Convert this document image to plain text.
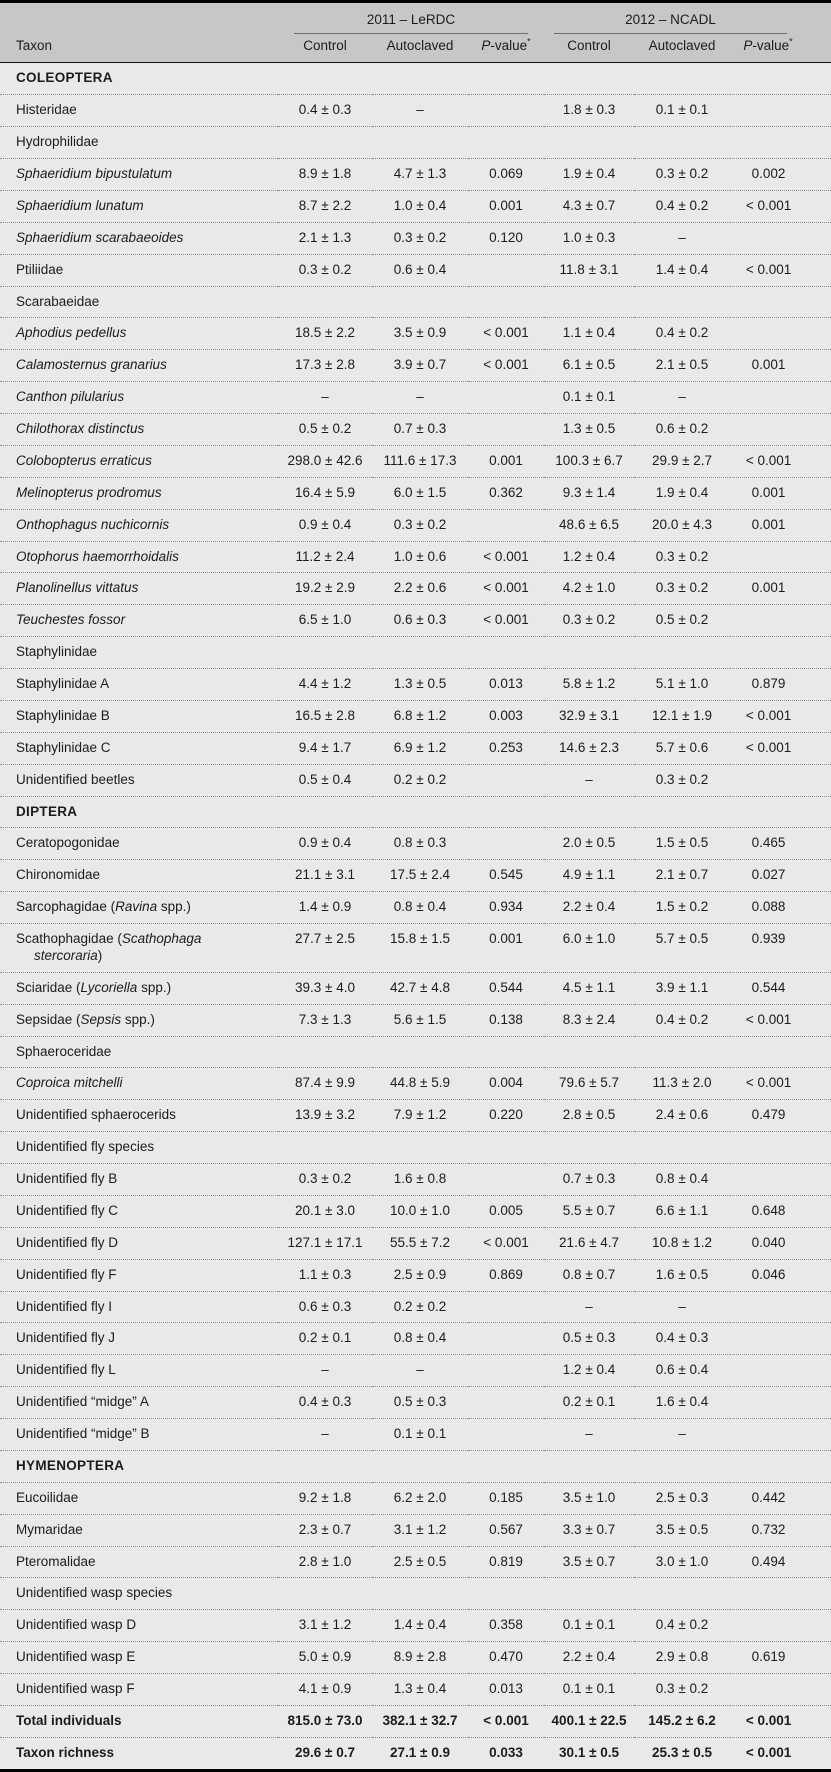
	2011 – LeRDC			2012 – NCADL		

Taxon	Control	Autoclaved	P-value*	Control	Autoclaved	P-value*

COLEOPTERA						

Histeridae	0.4 ± 0.3	–		1.8 ± 0.3	0.1 ± 0.1	

Hydrophilidae						

Sphaeridium bipustulatum	8.9 ± 1.8	4.7 ± 1.3	0.069	1.9 ± 0.4	0.3 ± 0.2	0.002

Sphaeridium lunatum	8.7 ± 2.2	1.0 ± 0.4	0.001	4.3 ± 0.7	0.4 ± 0.2	< 0.001

Sphaeridium scarabaeoides	2.1 ± 1.3	0.3 ± 0.2	0.120	1.0 ± 0.3	–	

Ptiliidae	0.3 ± 0.2	0.6 ± 0.4		11.8 ± 3.1	1.4 ± 0.4	< 0.001

Scarabaeidae						

Aphodius pedellus	18.5 ± 2.2	3.5 ± 0.9	< 0.001	1.1 ± 0.4	0.4 ± 0.2	

Calamosternus granarius	17.3 ± 2.8	3.9 ± 0.7	< 0.001	6.1 ± 0.5	2.1 ± 0.5	0.001

Canthon pilularius	–	–		0.1 ± 0.1	–	

Chilothorax distinctus	0.5 ± 0.2	0.7 ± 0.3		1.3 ± 0.5	0.6 ± 0.2	

Colobopterus erraticus	298.0 ± 42.6	111.6 ± 17.3	0.001	100.3 ± 6.7	29.9 ± 2.7	< 0.001

Melinopterus prodromus	16.4 ± 5.9	6.0 ± 1.5	0.362	9.3 ± 1.4	1.9 ± 0.4	0.001

Onthophagus nuchicornis	0.9 ± 0.4	0.3 ± 0.2		48.6 ± 6.5	20.0 ± 4.3	0.001

Otophorus haemorrhoidalis	11.2 ± 2.4	1.0 ± 0.6	< 0.001	1.2 ± 0.4	0.3 ± 0.2	

Planolinellus vittatus	19.2 ± 2.9	2.2 ± 0.6	< 0.001	4.2 ± 1.0	0.3 ± 0.2	0.001

Teuchestes fossor	6.5 ± 1.0	0.6 ± 0.3	< 0.001	0.3 ± 0.2	0.5 ± 0.2	

Staphylinidae						

Staphylinidae A	4.4 ± 1.2	1.3 ± 0.5	0.013	5.8 ± 1.2	5.1 ± 1.0	0.879

Staphylinidae B	16.5 ± 2.8	6.8 ± 1.2	0.003	32.9 ± 3.1	12.1 ± 1.9	< 0.001

Staphylinidae C	9.4 ± 1.7	6.9 ± 1.2	0.253	14.6 ± 2.3	5.7 ± 0.6	< 0.001

Unidentified beetles	0.5 ± 0.4	0.2 ± 0.2		–	0.3 ± 0.2	

DIPTERA						

Ceratopogonidae	0.9 ± 0.4	0.8 ± 0.3		2.0 ± 0.5	1.5 ± 0.5	0.465

Chironomidae	21.1 ± 3.1	17.5 ± 2.4	0.545	4.9 ± 1.1	2.1 ± 0.7	0.027

Sarcophagidae (Ravina spp.)	1.4 ± 0.9	0.8 ± 0.4	0.934	2.2 ± 0.4	1.5 ± 0.2	0.088

Scathophagidae (Scathophaga stercoraria)	27.7 ± 2.5	15.8 ± 1.5	0.001	6.0 ± 1.0	5.7 ± 0.5	0.939

Sciaridae (Lycoriella spp.)	39.3 ± 4.0	42.7 ± 4.8	0.544	4.5 ± 1.1	3.9 ± 1.1	0.544

Sepsidae (Sepsis spp.)	7.3 ± 1.3	5.6 ± 1.5	0.138	8.3 ± 2.4	0.4 ± 0.2	< 0.001

Sphaeroceridae						

Coproica mitchelli	87.4 ± 9.9	44.8 ± 5.9	0.004	79.6 ± 5.7	11.3 ± 2.0	< 0.001

Unidentified sphaerocerids	13.9 ± 3.2	7.9 ± 1.2	0.220	2.8 ± 0.5	2.4 ± 0.6	0.479

Unidentified fly species						

Unidentified fly B	0.3 ± 0.2	1.6 ± 0.8		0.7 ± 0.3	0.8 ± 0.4	

Unidentified fly C	20.1 ± 3.0	10.0 ± 1.0	0.005	5.5 ± 0.7	6.6 ± 1.1	0.648

Unidentified fly D	127.1 ± 17.1	55.5 ± 7.2	< 0.001	21.6 ± 4.7	10.8 ± 1.2	0.040

Unidentified fly F	1.1 ± 0.3	2.5 ± 0.9	0.869	0.8 ± 0.7	1.6 ± 0.5	0.046

Unidentified fly I	0.6 ± 0.3	0.2 ± 0.2		–	–	

Unidentified fly J	0.2 ± 0.1	0.8 ± 0.4		0.5 ± 0.3	0.4 ± 0.3	

Unidentified fly L	–	–		1.2 ± 0.4	0.6 ± 0.4	

Unidentified “midge” A	0.4 ± 0.3	0.5 ± 0.3		0.2 ± 0.1	1.6 ± 0.4	

Unidentified “midge” B	–	0.1 ± 0.1		–	–	

HYMENOPTERA						

Eucoilidae	9.2 ± 1.8	6.2 ± 2.0	0.185	3.5 ± 1.0	2.5 ± 0.3	0.442

Mymaridae	2.3 ± 0.7	3.1 ± 1.2	0.567	3.3 ± 0.7	3.5 ± 0.5	0.732

Pteromalidae	2.8 ± 1.0	2.5 ± 0.5	0.819	3.5 ± 0.7	3.0 ± 1.0	0.494

Unidentified wasp species						

Unidentified wasp D	3.1 ± 1.2	1.4 ± 0.4	0.358	0.1 ± 0.1	0.4 ± 0.2	

Unidentified wasp E	5.0 ± 0.9	8.9 ± 2.8	0.470	2.2 ± 0.4	2.9 ± 0.8	0.619

Unidentified wasp F	4.1 ± 0.9	1.3 ± 0.4	0.013	0.1 ± 0.1	0.3 ± 0.2	

Total individuals	815.0 ± 73.0	382.1 ± 32.7	< 0.001	400.1 ± 22.5	145.2 ± 6.2	< 0.001

Taxon richness	29.6 ± 0.7	27.1 ± 0.9	0.033	30.1 ± 0.5	25.3 ± 0.5	< 0.001
